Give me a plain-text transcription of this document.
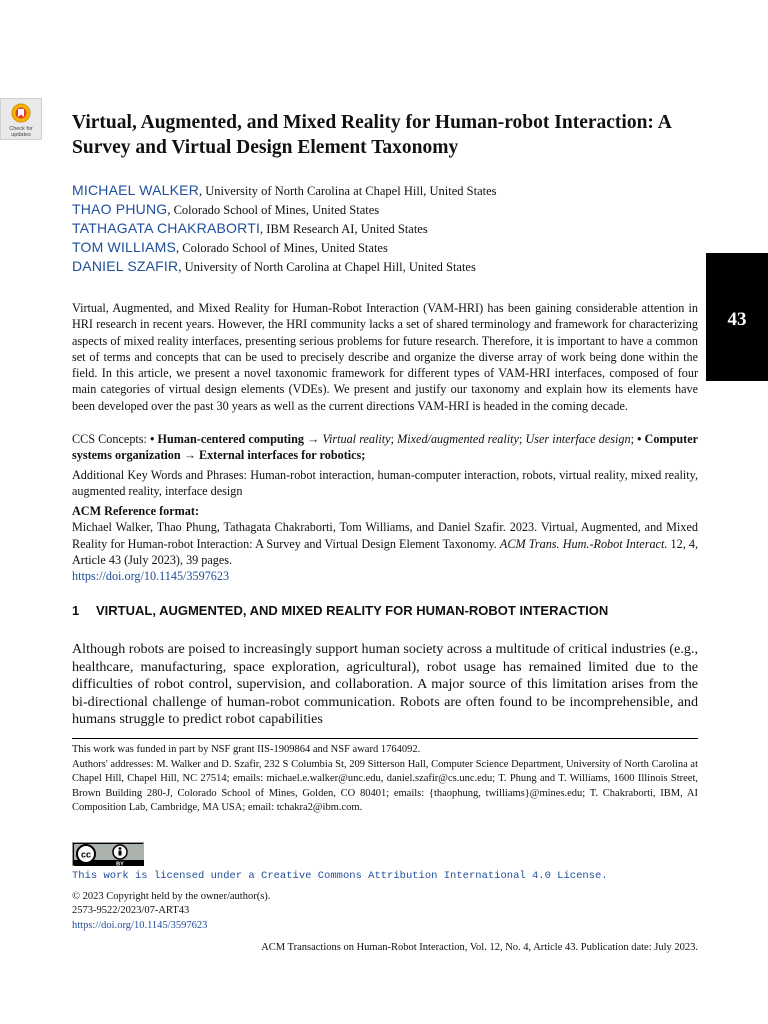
Check for
updates
Virtual, Augmented, and Mixed Reality for Human-robot Interaction: A Survey and Virtual Design Element Taxonomy
MICHAEL WALKER, University of North Carolina at Chapel Hill, United States
THAO PHUNG, Colorado School of Mines, United States
TATHAGATA CHAKRABORTI, IBM Research AI, United States
TOM WILLIAMS, Colorado School of Mines, United States
DANIEL SZAFIR, University of North Carolina at Chapel Hill, United States
43
Virtual, Augmented, and Mixed Reality for Human-Robot Interaction (VAM-HRI) has been gaining considerable attention in HRI research in recent years. However, the HRI community lacks a set of shared terminology and framework for characterizing aspects of mixed reality interfaces, presenting serious problems for future research. Therefore, it is important to have a common set of terms and concepts that can be used to precisely describe and organize the diverse array of work being done within the field. In this article, we present a novel taxonomic framework for different types of VAM-HRI interfaces, composed of four main categories of virtual design elements (VDEs). We present and justify our taxonomy and explain how its elements have been developed over the past 30 years as well as the current directions VAM-HRI is headed in the coming decade.
CCS Concepts: • Human-centered computing → Virtual reality; Mixed/augmented reality; User interface design; • Computer systems organization → External interfaces for robotics;
Additional Key Words and Phrases: Human-robot interaction, human-computer interaction, robots, virtual reality, mixed reality, augmented reality, interface design
ACM Reference format:
Michael Walker, Thao Phung, Tathagata Chakraborti, Tom Williams, and Daniel Szafir. 2023. Virtual, Augmented, and Mixed Reality for Human-robot Interaction: A Survey and Virtual Design Element Taxonomy. ACM Trans. Hum.-Robot Interact. 12, 4, Article 43 (July 2023), 39 pages.
https://doi.org/10.1145/3597623
1 VIRTUAL, AUGMENTED, AND MIXED REALITY FOR HUMAN-ROBOT INTERACTION
Although robots are poised to increasingly support human society across a multitude of critical industries (e.g., healthcare, manufacturing, space exploration, agricultural), robot usage has remained limited due to the difficulties of robot control, supervision, and collaboration. A major source of this limitation arises from the bi-directional challenge of human-robot communication. Robots are often found to be incomprehensible, and humans struggle to predict robot capabilities
This work was funded in part by NSF grant IIS-1909864 and NSF award 1764092.
Authors' addresses: M. Walker and D. Szafir, 232 S Columbia St, 209 Sitterson Hall, Computer Science Department, University of North Carolina at Chapel Hill, Chapel Hill, NC 27514; emails: michael.e.walker@unc.edu, daniel.szafir@cs.unc.edu; T. Phung and T. Williams, 1600 Illinois Street, Brown Building 280-J, Colorado School of Mines, Golden, CO 80401; emails: {thaophung, twilliams}@mines.edu; T. Chakraborti, IBM, AI Composition Lab, Cambridge, MA USA; email: tchakra2@ibm.com.
cc
BY
This work is licensed under a Creative Commons Attribution International 4.0 License.
© 2023 Copyright held by the owner/author(s).
2573-9522/2023/07-ART43
https://doi.org/10.1145/3597623
ACM Transactions on Human-Robot Interaction, Vol. 12, No. 4, Article 43. Publication date: July 2023.
